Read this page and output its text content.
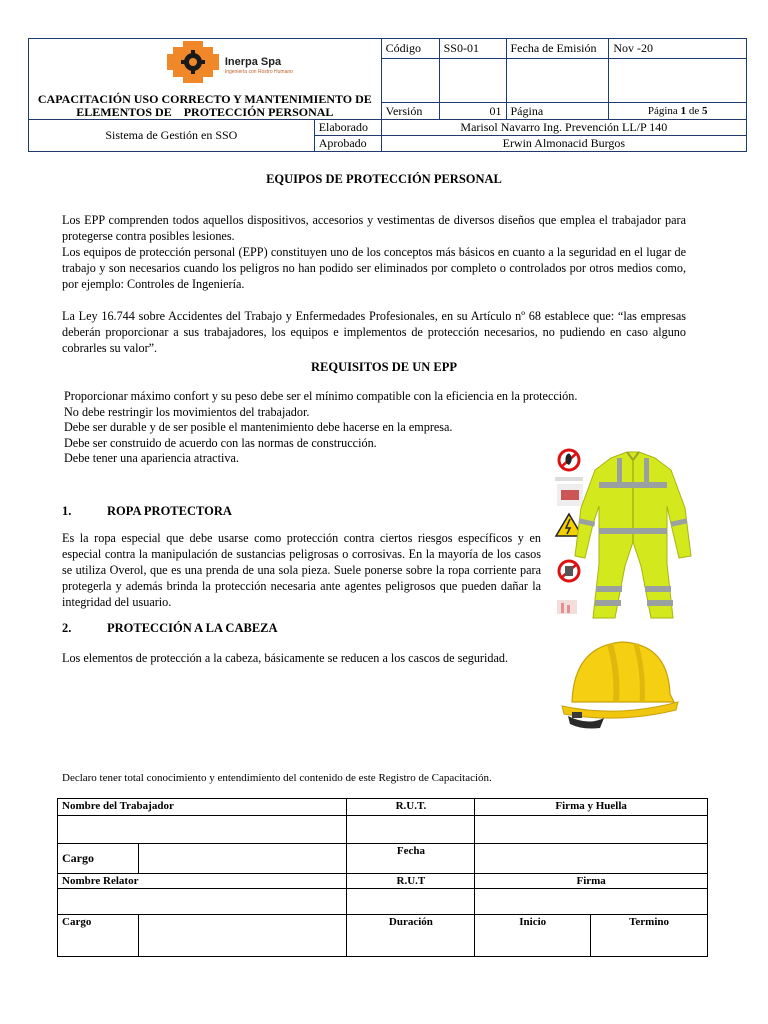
Inerpa Spa
Ingeniería con Rostro Humano
CAPACITACIÓN USO CORRECTO Y MANTENIMIENTO DE
ELEMENTOS DE    PROTECCIÓN PERSONAL		Código	SS0-01	Fecha de Emisión	Nov -20

		Versión	01	Página	Página 1 de 5
Sistema de Gestión en SSO	Elaborado	Marisol Navarro Ing. Prevención LL/P 140			
	Aprobado	Erwin Almonacid Burgos			
EQUIPOS DE PROTECCIÓN PERSONAL

Los EPP comprenden todos aquellos dispositivos, accesorios y vestimentas de diversos diseños que emplea el trabajador para protegerse contra posibles lesiones.

Los equipos de protección personal (EPP) constituyen uno de los conceptos más básicos en cuanto a la seguridad en el lugar de trabajo y son necesarios cuando los peligros no han podido ser eliminados por completo o controlados por otros medios como, por ejemplo: Controles de Ingeniería.

La Ley 16.744 sobre Accidentes del Trabajo y Enfermedades Profesionales, en su Artículo nº 68 establece que: “las empresas deberán proporcionar a sus trabajadores, los equipos e implementos de protección necesarios, no pudiendo en caso alguno cobrarles su valor”.

REQUISITOS DE UN EPP
Proporcionar máximo confort y su peso debe ser el mínimo compatible con la eficiencia en la protección.
No debe restringir los movimientos del trabajador.
Debe ser durable y de ser posible el mantenimiento debe hacerse en la empresa.
Debe ser construido de acuerdo con las normas de construcción.
Debe tener una apariencia atractiva.
1.	ROPA PROTECTORA
Es la ropa especial que debe usarse como protección contra ciertos riesgos específicos y en especial contra la manipulación de sustancias peligrosas o corrosivas. En la mayoría de los casos se utiliza Overol, que es una prenda de una sola pieza. Suele ponerse sobre la ropa corriente para protegerla y además brinda la protección necesaria ante agentes peligrosos que pueden dañar la integridad del usuario.
2.	PROTECCIÓN A LA CABEZA
Los elementos de protección a la cabeza, básicamente se reducen a los cascos de seguridad.
Declaro tener total conocimiento y entendimiento del contenido de este Registro de Capacitación.
Nombre del Trabajador		R.U.T.	Firma y Huella	

Cargo		Fecha		
Nombre Relator		R.U.T	Firma	

Cargo		Duración	Inicio	Termino
